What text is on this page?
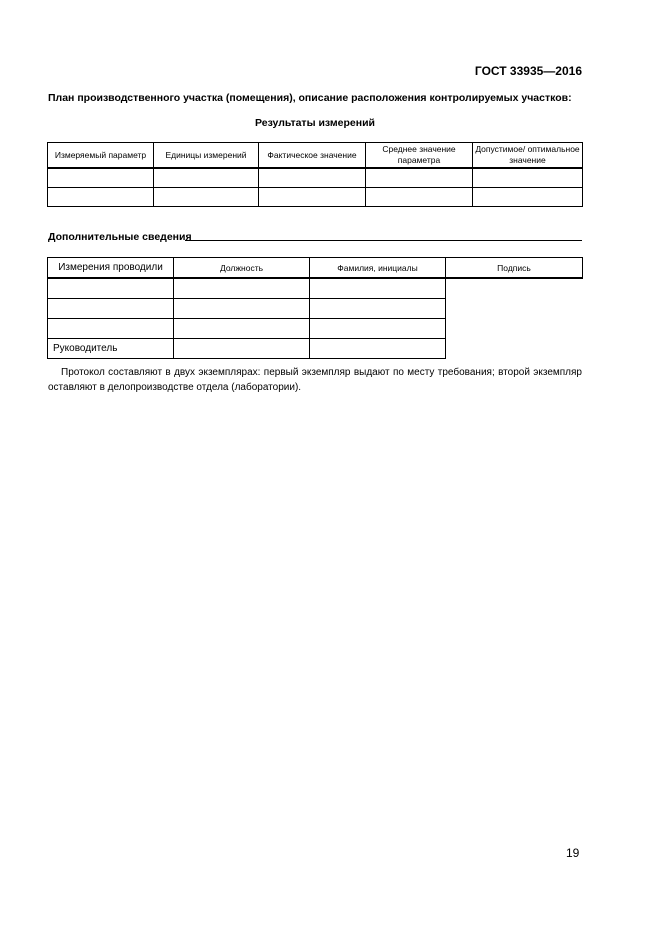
ГОСТ 33935—2016
План производственного участка (помещения), описание расположения контролируемых участков:
Результаты измерений
Измеряемый параметр	Единицы измерений	Фактическое значение	Среднее значение параметра	Допустимое/ оптимальное значение

Дополнительные сведения
Измерения проводили	Должность	Фамилия, инициалы	Подпись

Руководитель			
Протокол составляют в двух экземплярах: первый экземпляр выдают по месту требования; второй экземпляр оставляют в делопроизводстве отдела (лаборатории).
19
